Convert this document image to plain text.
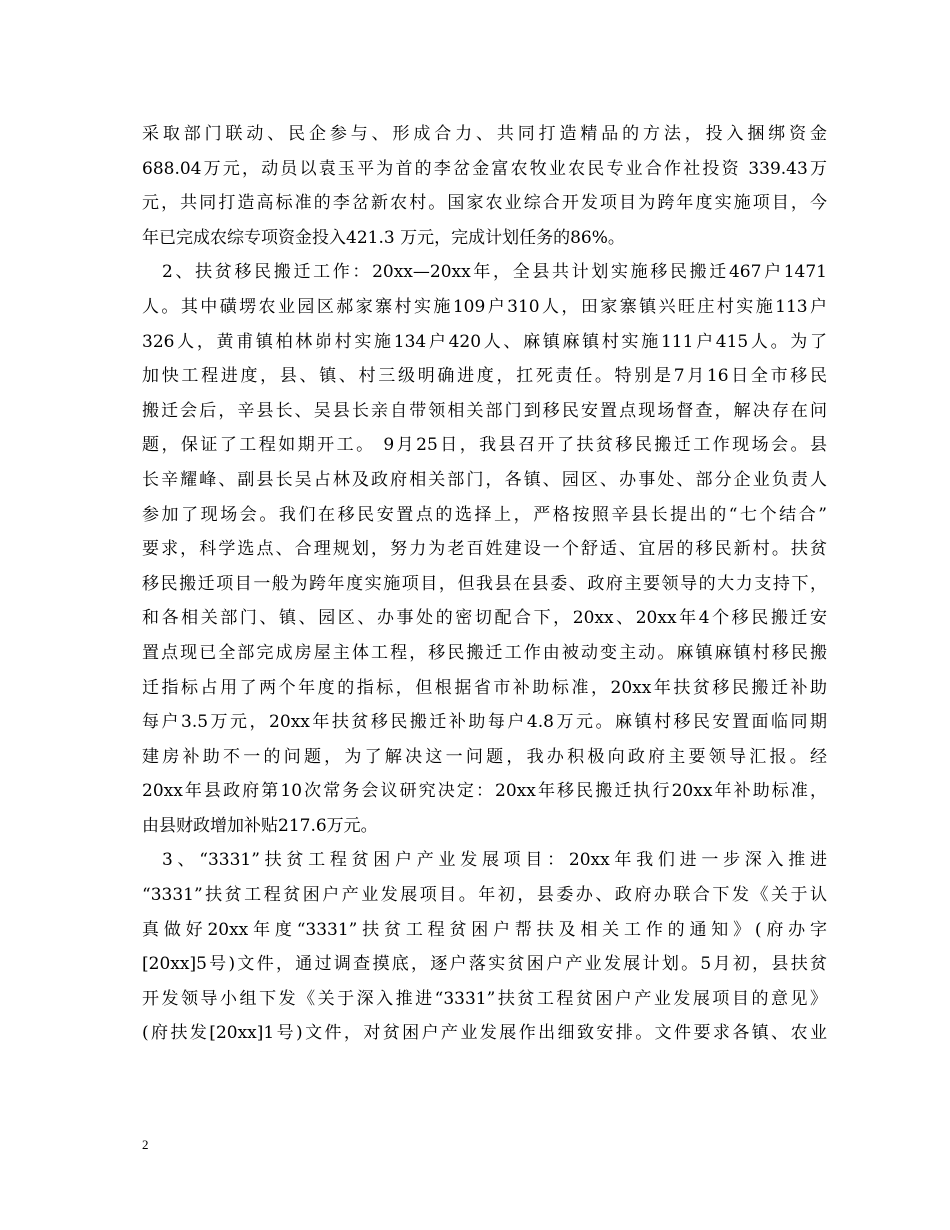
采取部门联动、民企参与、形成合力、共同打造精品的方法，投入捆绑资金
688.04万元，动员以袁玉平为首的李岔金富农牧业农民专业合作社投资 339.43万
元，共同打造高标准的李岔新农村。国家农业综合开发项目为跨年度实施项目，今
年已完成农综专项资金投入421.3 万元，完成计划任务的86%。
2、扶贫移民搬迁工作：20xx—20xx年，全县共计划实施移民搬迁467户1471
人。其中磺塄农业园区郝家寨村实施109户310人，田家寨镇兴旺庄村实施113户
326人，黄甫镇柏林峁村实施134户420人、麻镇麻镇村实施111户415人。为了
加快工程进度，县、镇、村三级明确进度，扛死责任。特别是7月16日全市移民
搬迁会后，辛县长、吴县长亲自带领相关部门到移民安置点现场督查，解决存在问
题，保证了工程如期开工。 9月25日，我县召开了扶贫移民搬迁工作现场会。县
长辛耀峰、副县长吴占林及政府相关部门，各镇、园区、办事处、部分企业负责人
参加了现场会。我们在移民安置点的选择上，严格按照辛县长提出的“七个结合”
要求，科学选点、合理规划，努力为老百姓建设一个舒适、宜居的移民新村。扶贫
移民搬迁项目一般为跨年度实施项目，但我县在县委、政府主要领导的大力支持下，
和各相关部门、镇、园区、办事处的密切配合下，20xx、20xx年4个移民搬迁安
置点现已全部完成房屋主体工程，移民搬迁工作由被动变主动。麻镇麻镇村移民搬
迁指标占用了两个年度的指标，但根据省市补助标准，20xx年扶贫移民搬迁补助
每户3.5万元，20xx年扶贫移民搬迁补助每户4.8万元。麻镇村移民安置面临同期
建房补助不一的问题，为了解决这一问题，我办积极向政府主要领导汇报。经
20xx年县政府第10次常务会议研究决定：20xx年移民搬迁执行20xx年补助标准，
由县财政增加补贴217.6万元。
3、“3331”扶贫工程贫困户产业发展项目：20xx年我们进一步深入推进
“3331”扶贫工程贫困户产业发展项目。年初，县委办、政府办联合下发《关于认
真做好20xx年度“3331”扶贫工程贫困户帮扶及相关工作的通知》(府办字
[20xx]5号)文件，通过调查摸底，逐户落实贫困户产业发展计划。5月初，县扶贫
开发领导小组下发《关于深入推进“3331”扶贫工程贫困户产业发展项目的意见》
(府扶发[20xx]1号)文件，对贫困户产业发展作出细致安排。文件要求各镇、农业
2
